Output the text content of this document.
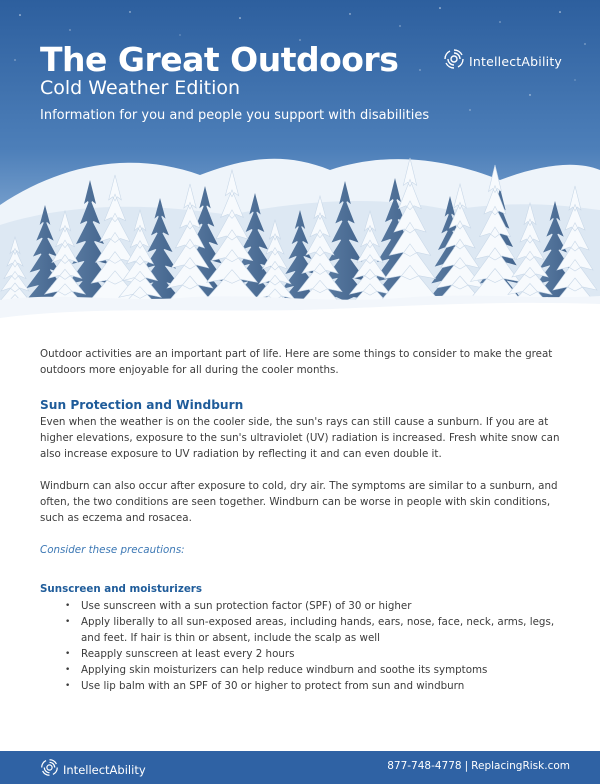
The Great Outdoors
Cold Weather Edition

Information for you and people you support with disabilities

IntellectAbility

Outdoor activities are an important part of life. Here are some things to consider to make the great outdoors more enjoyable for all during the cooler months.

Sun Protection and Windburn

Even when the weather is on the cooler side, the sun's rays can still cause a sunburn. If you are at higher elevations, exposure to the sun's ultraviolet (UV) radiation is increased. Fresh white snow can also increase exposure to UV radiation by reflecting it and can even double it.

Windburn can also occur after exposure to cold, dry air. The symptoms are similar to a sunburn, and often, the two conditions are seen together. Windburn can be worse in people with skin conditions, such as eczema and rosacea.

Consider these precautions:

Sunscreen and moisturizers
• Use sunscreen with a sun protection factor (SPF) of 30 or higher
• Apply liberally to all sun-exposed areas, including hands, ears, nose, face, neck, arms, legs, and feet. If hair is thin or absent, include the scalp as well
• Reapply sunscreen at least every 2 hours
• Applying skin moisturizers can help reduce windburn and soothe its symptoms
• Use lip balm with an SPF of 30 or higher to protect from sun and windburn
IntellectAbility	877-748-4778 | ReplacingRisk.com
